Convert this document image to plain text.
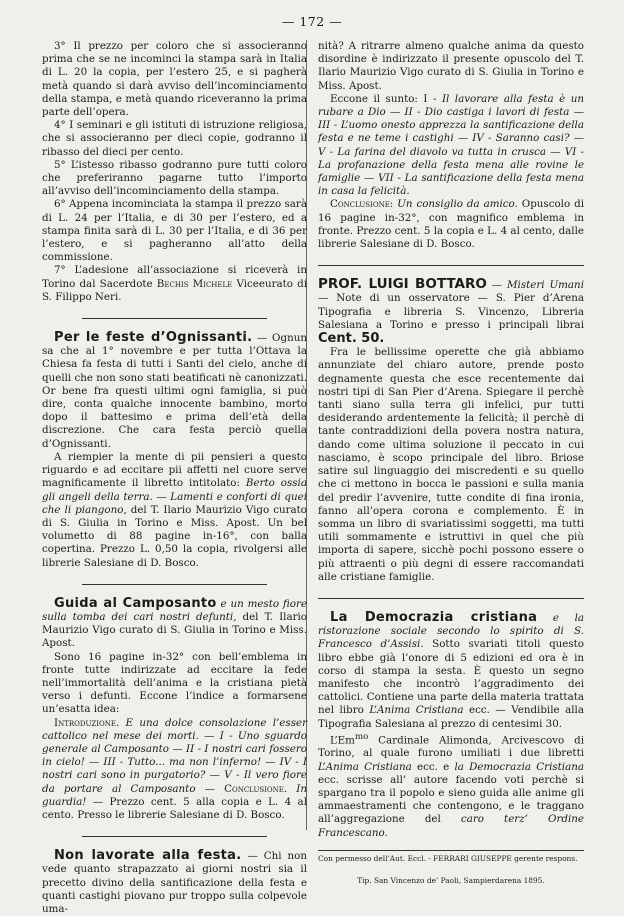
— 172 —

3° Il prezzo per coloro che si associeranno prima che se ne incominci la stampa sarà in Italia di L. 20 la copia, per l’estero 25, e si pagherà metà quando si darà avviso dell’incominciamento della stampa, e metà quando riceveranno la prima parte dell’opera.

4° I seminari e gli istituti di istruzione religiosa, che si associeranno per dieci copie, godranno il ribasso del dieci per cento.

5° L’istesso ribasso godranno pure tutti coloro che preferiranno pagarne tutto l’importo all’avviso dell’incominciamento della stampa.

6° Appena incominciata la stampa il prezzo sarà di L. 24 per l’Italia, e di 30 per l’estero, ed a stampa finita sarà di L. 30 per l’Italia, e di 36 per l’estero, e si pagheranno all’atto della commissione.

7° L’adesione all’associazione si riceverà in Torino dal Sacerdote Bechis Michele Viceeurato di S. Filippo Neri.

Per le feste d’Ognissanti. — Ognun sa che al 1° novembre e per tutta l’Ottava la Chiesa fa festa di tutti i Santi del cielo, anche di quelli che non sono stati beatificati nè canonizzati. Or bene fra questi ultimi ogni famiglia, si può dire, conta qualche innocente bambino, morto dopo il battesimo e prima dell’età della discrezione. Che cara festa perciò quella d’Ognissanti.

A riempier la mente di pii pensieri a questo riguardo e ad eccitare pii affetti nel cuore serve magnificamente il libretto intitolato: Berto ossia gli angeli della terra. — Lamenti e conforti di quei che li piangono, del T. Ilario Maurizio Vigo curato di S. Giulia in Torino e Miss. Apost. Un bel volumetto di 88 pagine in-16°, con balla copertina. Prezzo L. 0,50 la copia, rivolgersi alle librerie Salesiane di D. Bosco.

Guida al Camposanto e un mesto fiore sulla tomba dei cari nostri defunti, del T. Ilario Maurizio Vigo curato di S. Giulia in Torino e Miss. Apost.

Sono 16 pagine in-32° con bell’emblema in fronte tutte indirizzate ad eccitare la fede nell’immortalità dell’anima e la cristiana pietà verso i defunti. Eccone l’indice a formarsene un’esatta idea:

Introduzione. E una dolce consolazione l’esser cattolico nel mese dei morti. — I - Uno sguardo generale al Camposanto — II - I nostri cari fossero in cielo! — III - Tutto... ma non l’inferno! — IV - I nostri cari sono in purgatorio? — V - Il vero fiore da portare al Camposanto — Conclusione. In guardia! — Prezzo cent. 5 alla copia e L. 4 al cento. Presso le librerie Salesiane di D. Bosco.

Non lavorate alla festa. — Chi non vede quanto strapazzato ai giorni nostri sia il precetto divino della santificazione della festa e quanti castighi piovano pur troppo sulla colpevole uma-

nità? A ritrarre almeno qualche anima da questo disordine è indirizzato il presente opuscolo del T. Ilario Maurizio Vigo curato di S. Giulia in Torino e Miss. Apost.

Eccone il sunto: I - Il lavorare alla festa è un rubare a Dio — II - Dio castiga i lavori di festa — III - L’uomo onesto apprezza la santificazione della festa e ne teme i castighi — IV - Saranno casi? — V - La farina del diavolo va tutta in crusca — VI - La profanazione della festa mena alle rovine le famiglie — VII - La santificazione della festa mena in casa la felicità.

Conclusione: Un consiglio da amico. Opuscolo di 16 pagine in-32°, con magnifico emblema in fronte. Prezzo cent. 5 la copia e L. 4 al cento, dalle librerie Salesiane di D. Bosco.

PROF. LUIGI BOTTARO — Misteri Umani — Note di un osservatore — S. Pier d’Arena Tipografia e libreria S. Vincenzo, Libreria Salesiana a Torino e presso i principali librai Cent. 50.

Fra le bellissime operette che già abbiamo annunziate del chiaro autore, prende posto degnamente questa che esce recentemente dai nostri tipi di San Pier d’Arena. Spiegare il perchè tanti siano sulla terra gli infelici, pur tutti desiderando ardentemente la felicità; il perchè di tante contraddizioni della povera nostra natura, dando come ultima soluzione il peccato in cui nasciamo, è scopo principale del libro. Briose satire sul linguaggio dei miscredenti e su quello che ci mettono in bocca le passioni e sulla mania del predir l’avvenire, tutte condite di fina ironia, fanno all’opera corona e complemento. È in somma un libro di svariatissimi soggetti, ma tutti utili sommamente e istruttivi in quel che più importa di sapere, sicchè pochi possono essere o più attraenti o più degni di essere raccomandati alle cristiane famiglie.

La Democrazia cristiana e la ristorazione sociale secondo lo spirito di S. Francesco d’Assisi. Sotto svariati titoli questo libro ebbe già l’onore di 5 edizioni ed ora è in corso di stampa la sesta. È questo un segno manifesto che incontrò l’aggradimento dei cattolici. Contiene una parte della materia trattata nel libro L’Anima Cristiana ecc. — Vendibile alla Tipografia Salesiana al prezzo di centesimi 30.

$L’Em^{mo}$ Cardinale Alimonda, Arcivescovo di Torino, al quale furono umiliati i due libretti L’Anima Cristiana ecc. e la Democrazia Cristiana ecc. scrisse all’ autore facendo voti perchè si spargano tra il popolo e sieno guida alle anime gli ammaestramenti che contengono, e le traggano all’aggregazione del caro terz’ Ordine Francescano.

Con permesso dell’Aut. Eccl. - FERRARI GIUSEPPE gerente respons.

Tip. San Vincenzo de’ Paoli, Sampierdarena 1895.
